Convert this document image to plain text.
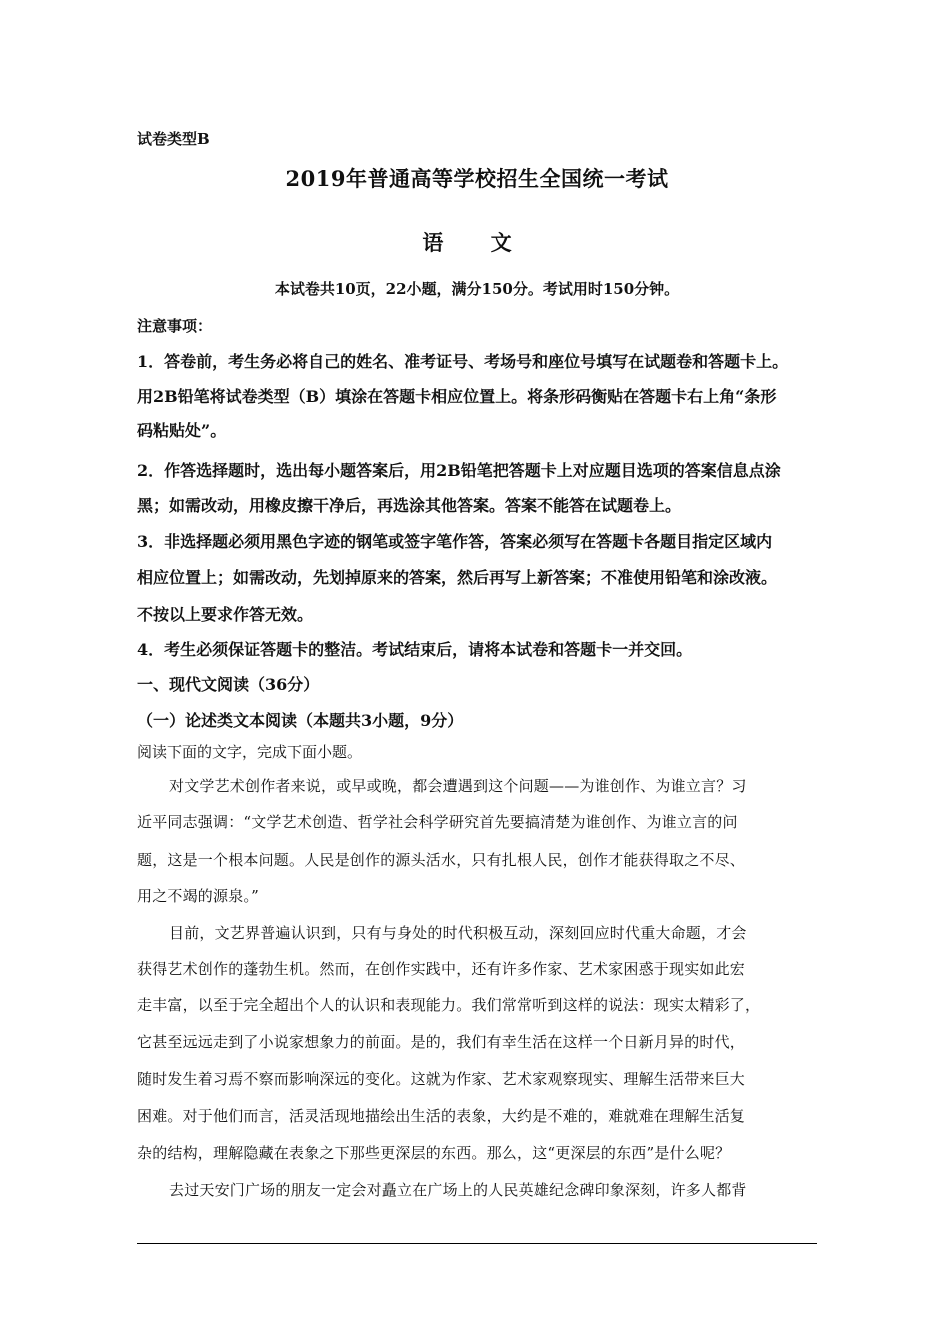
试卷类型B
2019年普通高等学校招生全国统一考试
语 文
本试卷共10页，22小题，满分150分。考试用时150分钟。
注意事项：
1．答卷前，考生务必将自己的姓名、准考证号、考场号和座位号填写在试题卷和答题卡上。
用2B铅笔将试卷类型（B）填涂在答题卡相应位置上。将条形码衡贴在答题卡右上角“条形
码粘贴处”。
2．作答选择题时，选出每小题答案后，用2B铅笔把答题卡上对应题目选项的答案信息点涂
黑；如需改动，用橡皮擦干净后，再选涂其他答案。答案不能答在试题卷上。
3．非选择题必须用黑色字迹的钢笔或签字笔作答，答案必须写在答题卡各题目指定区域内
相应位置上；如需改动，先划掉原来的答案，然后再写上新答案；不准使用铅笔和涂改液。
不按以上要求作答无效。
4．考生必须保证答题卡的整洁。考试结束后，请将本试卷和答题卡一并交回。
一、现代文阅读（36分）
（一）论述类文本阅读（本题共3小题，9分）
阅读下面的文字，完成下面小题。
对文学艺术创作者来说，或早或晚，都会遭遇到这个问题——为谁创作、为谁立言？习
近平同志强调：“文学艺术创造、哲学社会科学研究首先要搞清楚为谁创作、为谁立言的问
题，这是一个根本问题。人民是创作的源头活水，只有扎根人民，创作才能获得取之不尽、
用之不竭的源泉。”
目前，文艺界普遍认识到，只有与身处的时代积极互动，深刻回应时代重大命题，才会
获得艺术创作的蓬勃生机。然而，在创作实践中，还有许多作家、艺术家困惑于现实如此宏
走丰富，以至于完全超出个人的认识和表现能力。我们常常听到这样的说法：现实太精彩了，
它甚至远远走到了小说家想象力的前面。是的，我们有幸生活在这样一个日新月异的时代，
随时发生着习焉不察而影响深远的变化。这就为作家、艺术家观察现实、理解生活带来巨大
困难。对于他们而言，活灵活现地描绘出生活的表象，大约是不难的，难就难在理解生活复
杂的结构，理解隐藏在表象之下那些更深层的东西。那么，这“更深层的东西”是什么呢？
去过天安门广场的朋友一定会对矗立在广场上的人民英雄纪念碑印象深刻，许多人都背
